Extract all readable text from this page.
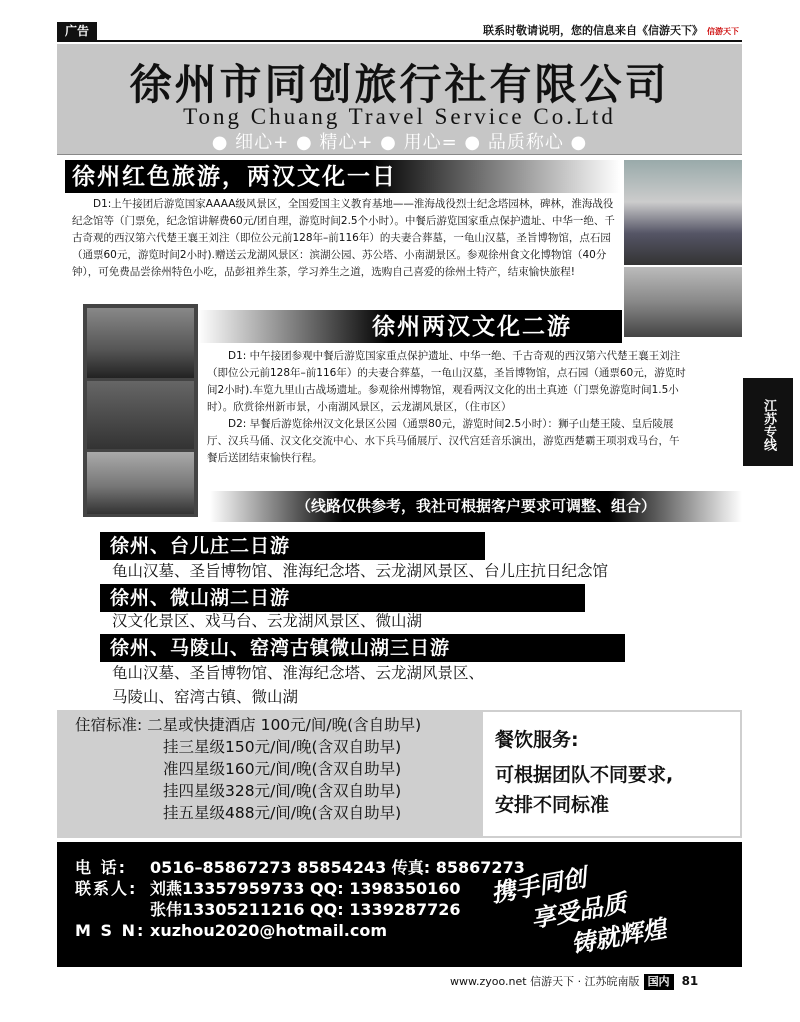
广告	联系时敬请说明，您的信息来自《信游天下》 信游天下
徐州市同创旅行社有限公司
Tong Chuang Travel Service Co.Ltd
● 细心+ ● 精心+ ● 用心= ● 品质称心 ●
徐州红色旅游，两汉文化一日
D1:上午接团后游览国家AAAA级风景区，全国爱国主义教育基地——淮海战役烈士纪念塔园林，碑林，淮海战役纪念馆等（门票免，纪念馆讲解费60元/团自理，游览时间2.5个小时）。中餐后游览国家重点保护遗址、中华一绝、千古奇观的西汉第六代楚王襄王刘注（即位公元前128年–前116年）的夫妻合葬墓，一龟山汉墓，圣旨博物馆，点石园（通票60元，游览时间2小时).赠送云龙湖风景区：滨湖公园、苏公塔、小南湖景区。参观徐州食文化博物馆（40分钟），可免费品尝徐州特色小吃，品彭祖养生茶，学习养生之道，选购自己喜爱的徐州土特产，结束愉快旅程!
徐州两汉文化二游

D1: 中午接团参观中餐后游览国家重点保护遗址、中华一绝、千古奇观的西汉第六代楚王襄王刘注（即位公元前128年–前116年）的夫妻合葬墓，一龟山汉墓，圣旨博物馆，点石园（通票60元，游览时间2小时).车览九里山古战场遗址。参观徐州博物馆，观看两汉文化的出土真迹（门票免游览时间1.5小时）。欣赏徐州新市景，小南湖风景区，云龙湖风景区，（住市区）

D2: 早餐后游览徐州汉文化景区公园（通票80元，游览时间2.5小时）：狮子山楚王陵、皇后陵展厅、汉兵马俑、汉文化交流中心、水下兵马俑展厅、汉代宫廷音乐演出，游览西楚霸王项羽戏马台，午餐后送团结束愉快行程。

江苏专线
（线路仅供参考，我社可根据客户要求可调整、组合）
徐州、台儿庄二日游
龟山汉墓、圣旨博物馆、淮海纪念塔、云龙湖风景区、台儿庄抗日纪念馆
徐州、微山湖二日游
汉文化景区、戏马台、云龙湖风景区、微山湖
徐州、马陵山、窑湾古镇微山湖三日游
龟山汉墓、圣旨博物馆、淮海纪念塔、云龙湖风景区、
马陵山、窑湾古镇、微山湖
住宿标准: 二星或快捷酒店 100元/间/晚(含自助早)
挂三星级150元/间/晚(含双自助早)
准四星级160元/间/晚(含双自助早)
挂四星级328元/间/晚(含双自助早)
挂五星级488元/间/晚(含双自助早)
餐饮服务:
可根据团队不同要求,
安排不同标准
电 话: 0516–85867273 85854243 传真: 85867273
联系人: 刘燕13357959733 QQ: 1398350160
张伟13305211216 QQ: 1339287726
M S N: xuzhou2020@hotmail.com
携手同创
享受品质
铸就辉煌
www.zyoo.net 信游天下 · 江苏皖南版 国内 81
